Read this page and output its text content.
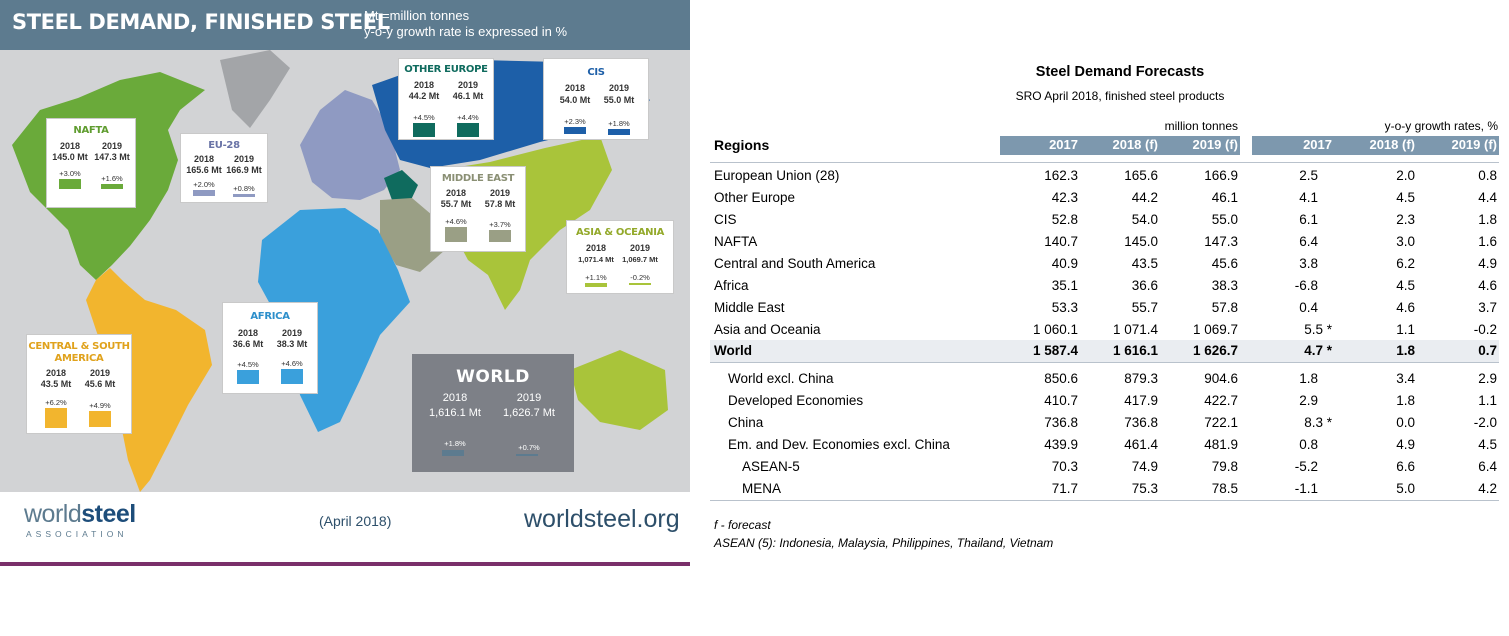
STEEL DEMAND, FINISHED STEEL
Mt =million tonnes
y-o-y growth rate is expressed in %
NAFTA
2018	2019
145.0 Mt 147.3 Mt
+3.0%
+1.6%
EU-28
2018	2019
165.6 Mt 166.9 Mt
+2.0%	+0.8%
OTHER EUROPE
2018	2019
44.2 Mt	46.1 Mt
+4.5%	+4.4%
CIS
2018	2019
54.0 Mt	55.0 Mt
+2.3%	+1.8%
MIDDLE EAST
2018	2019
55.7 Mt	57.8 Mt
+4.6%	+3.7%
ASIA & OCEANIA
2018	2019
1,071.4 Mt	1,069.7 Mt
+1.1%	-0.2%
AFRICA
2018	2019
36.6 Mt	38.3 Mt
+4.5%	+4.6%
CENTRAL & SOUTH
AMERICA
2018	2019
43.5 Mt	45.6 Mt
+6.2%	+4.9%
WORLD
2018	2019
1,616.1 Mt	1,626.7 Mt
+1.8%	+0.7%
worldsteel
ASSOCIATION
(April 2018)	worldsteel.org
Steel Demand Forecasts
SRO April 2018, finished steel products
million tonnes	y-o-y growth rates, %
Regions	2017	2018 (f)	2019 (f)	2017	2018 (f)	2019 (f)
European Union (28)	162.3	165.6	166.9	2.5	2.0	0.8
Other Europe	42.3	44.2	46.1	4.1	4.5	4.4
CIS	52.8	54.0	55.0	6.1	2.3	1.8
NAFTA	140.7	145.0	147.3	6.4	3.0	1.6
Central and South America	40.9	43.5	45.6	3.8	6.2	4.9
Africa	35.1	36.6	38.3	-6.8	4.5	4.6
Middle East	53.3	55.7	57.8	0.4	4.6	3.7
Asia and Oceania	1 060.1	1 071.4	1 069.7	5.5 *	1.1	-0.2
World	1 587.4	1 616.1	1 626.7	4.7 *	1.8	0.7
World excl. China	850.6	879.3	904.6	1.8	3.4	2.9
Developed Economies	410.7	417.9	422.7	2.9	1.8	1.1
China	736.8	736.8	722.1	8.3 *	0.0	-2.0
Em. and Dev. Economies excl. China	439.9	461.4	481.9	0.8	4.9	4.5
ASEAN-5	70.3	74.9	79.8	-5.2	6.6	6.4
MENA	71.7	75.3	78.5	-1.1	5.0	4.2
f - forecast
ASEAN (5): Indonesia, Malaysia, Philippines, Thailand, Vietnam
